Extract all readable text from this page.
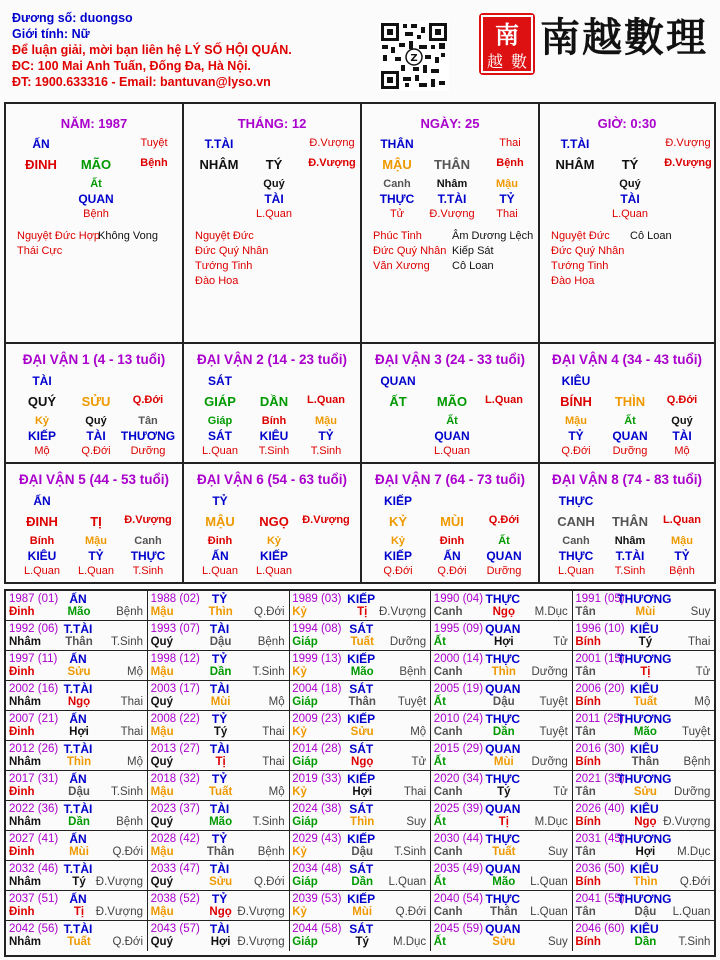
Đương số: duongso
Giới tính: Nữ
Để luận giải, mời bạn liên hệ LÝ SỐ HỘI QUÁN.
ĐC: 100 Mai Anh Tuấn, Đống Đa, Hà Nội.
ĐT: 1900.633316 - Email: bantuvan@lyso.vn
Z
南
越 數
南越數理
NĂM: 1987
ẤN	Tuyệt
ĐINH MÃO	Bệnh
Ất
QUAN
Bệnh
Nguyệt Đức Hợp
Thái Cực
Không Vong
THÁNG: 12
T.TÀI	Đ.Vượng
NHÂM TÝ Đ.Vượng
Quý
TÀI
L.Quan
Nguyệt Đức
Đức Quý Nhân
Tướng Tinh
Đào Hoa
NGÀY: 25
THÂN	Thai
MẬU THÂN Bệnh
Canh
THỰC
Tử
Nhâm
T.TÀI
Đ.Vượng
Mậu
TỶ
Thai
Phúc Tinh
Đức Quý Nhân
Văn Xương
Âm Dương Lệch
Kiếp Sát
Cô Loan
GIỜ: 0:30
T.TÀI	Đ.Vượng
NHÂM TÝ Đ.Vượng
Quý
TÀI
L.Quan
Nguyệt Đức
Đức Quý Nhân
Tướng Tinh
Đào Hoa
Cô Loan
ĐẠI VẬN 1 (4 - 13 tuổi)
TÀI
QUÝ SỬU Q.Đới
Kỷ
KIẾP
Mộ
Quý
TÀI
Q.Đới
Tân
THƯƠNG
Dưỡng
ĐẠI VẬN 2 (14 - 23 tuổi)
SÁT
GIÁP DẦN L.Quan
Giáp
SÁT
L.Quan
Bính
KIÊU
T.Sinh
Mậu
TỶ
T.Sinh
ĐẠI VẬN 3 (24 - 33 tuổi)
QUAN
ẤT MÃO L.Quan
Ất
QUAN
L.Quan
ĐẠI VẬN 4 (34 - 43 tuổi)
KIÊU
BÍNH THÌN Q.Đới
Mậu
TỶ
Q.Đới
Ất
QUAN
Dưỡng
Quý
TÀI
Mộ
ĐẠI VẬN 5 (44 - 53 tuổi)
ẤN
ĐINH TỊ Đ.Vượng
Bính
KIÊU
L.Quan
Mậu
TỶ
L.Quan
Canh
THỰC
T.Sinh
ĐẠI VẬN 6 (54 - 63 tuổi)
TỶ
MẬU NGỌ Đ.Vượng
Đinh
ẤN
L.Quan
Kỷ
KIẾP
L.Quan
ĐẠI VẬN 7 (64 - 73 tuổi)
KIẾP
KỶ	MÙI Q.Đới
Kỷ
KIẾP
Q.Đới
Đinh
ẤN
Q.Đới
Ất
QUAN
Dưỡng
ĐẠI VẬN 8 (74 - 83 tuổi)
THỰC
CANH THÂN L.Quan
Canh
THỰC
L.Quan
Nhâm
T.TÀI
T.Sinh
Mậu
TỶ
Bệnh
1987 (01) ẤN
Đinh	Mão Bệnh
1988 (02) TỶ
Mậu	Thìn Q.Đới
1989 (03) KIẾP
Kỷ	Tị Đ.Vượng
1990 (04) THỰC
Canh	Ngọ M.Dục
1991 (05)
THƯƠNG
Tân	Mùi	Suy
1992 (06) T.TÀI
Nhâm Thân T.Sinh
1993 (07) TÀI
Quý	Dậu Bệnh
1994 (08) SÁT
Giáp	Tuất Dưỡng
1995 (09) QUAN
Ất	Hợi	Tử
1996 (10) KIÊU
Bính	Tý	Thai
1997 (11) ẤN
Đinh	Sửu	Mộ
1998 (12) TỶ
Mậu	Dần T.Sinh
1999 (13) KIẾP
Kỷ	Mão Bệnh
2000 (14) THỰC
Canh	Thìn Dưỡng
2001 (15)
THƯƠNG
Tân	Tị	Tử
2002 (16) T.TÀI
Nhâm Ngọ	Thai
2003 (17) TÀI
Quý	Mùi	Mộ
2004 (18) SÁT
Giáp	Thân Tuyệt
2005 (19) QUAN
Ất	Dậu Tuyệt
2006 (20) KIÊU
Bính	Tuất	Mộ
2007 (21) ẤN
Đinh	Hợi	Thai
2008 (22) TỶ
Mậu	Tý	Thai
2009 (23) KIẾP
Kỷ	Sửu	Mộ
2010 (24) THỰC
Canh	Dần Tuyệt
2011 (25)
THƯƠNG
Tân	Mão Tuyệt
2012 (26) T.TÀI
Nhâm Thìn	Mộ
2013 (27) TÀI
Quý	Tị	Thai
2014 (28) SÁT
Giáp	Ngọ	Tử
2015 (29) QUAN
Ất	Mùi Dưỡng
2016 (30) KIÊU
Bính	Thân Bệnh
2017 (31) ẤN
Đinh	Dậu T.Sinh
2018 (32) TỶ
Mậu	Tuất	Mộ
2019 (33) KIẾP
Kỷ	Hợi	Thai
2020 (34) THỰC
Canh	Tý	Tử
2021 (35)
THƯƠNG
Tân	Sửu Dưỡng
2022 (36) T.TÀI
Nhâm Dần Bệnh
2023 (37) TÀI
Quý	Mão T.Sinh
2024 (38) SÁT
Giáp	Thìn	Suy
2025 (39) QUAN
Ất	Tị M.Dục
2026 (40) KIÊU
Bính	Ngọ Đ.Vượng
2027 (41) ẤN
Đinh	Mùi Q.Đới
2028 (42) TỶ
Mậu	Thân Bệnh
2029 (43) KIẾP
Kỷ	Dậu T.Sinh
2030 (44) THỰC
Canh	Tuất	Suy
2031 (45)
THƯƠNG
Tân	Hợi M.Dục
2032 (46) T.TÀI
Nhâm	Tý Đ.Vượng
2033 (47) TÀI
Quý	Sửu Q.Đới
2034 (48) SÁT
Giáp	Dần L.Quan
2035 (49) QUAN
Ất	Mão L.Quan
2036 (50) KIÊU
Bính	Thìn Q.Đới
2037 (51) ẤN
Đinh	Tị Đ.Vượng
2038 (52) TỶ
Mậu	Ngọ Đ.Vượng
2039 (53) KIẾP
Kỷ	Mùi Q.Đới
2040 (54) THỰC
Canh Thân L.Quan
2041 (55)
THƯƠNG
Tân	Dậu L.Quan
2042 (56) T.TÀI
Nhâm Tuất Q.Đới
2043 (57) TÀI
Quý	Hợi Đ.Vượng
2044 (58) SÁT
Giáp	Tý M.Dục
2045 (59) QUAN
Ất	Sửu	Suy
2046 (60) KIÊU
Bính	Dần T.Sinh
